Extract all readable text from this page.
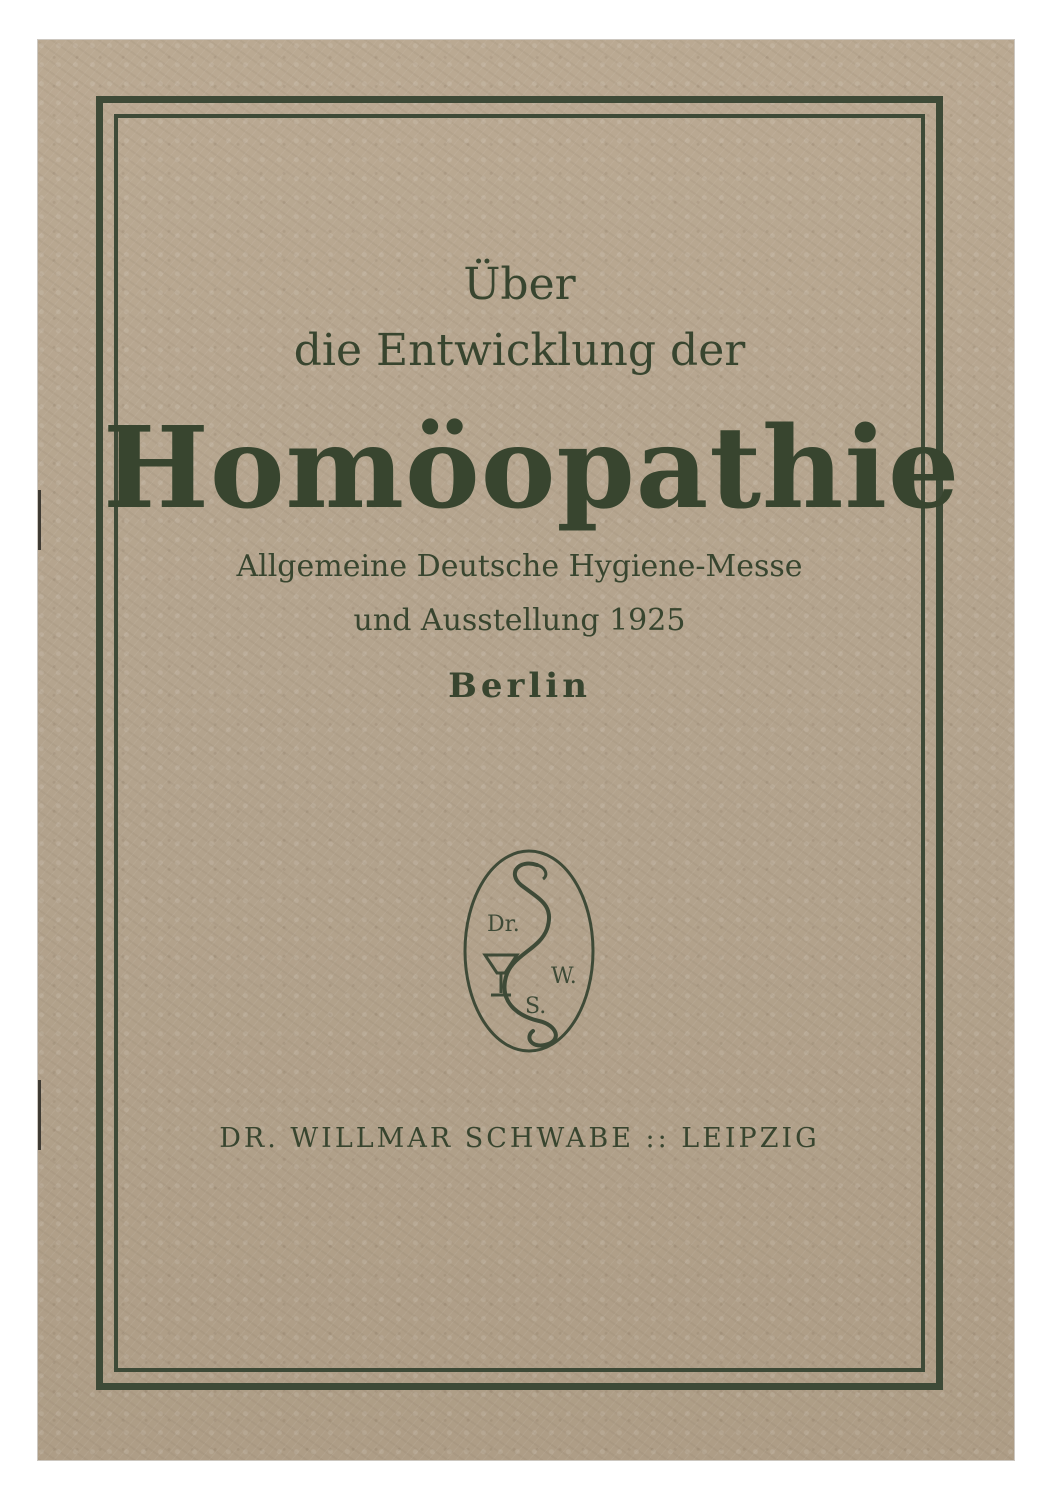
Über
die Entwicklung der
Homöopathie
Allgemeine Deutsche Hygiene-Messe
und Ausstellung 1925
Berlin
Dr.
W.
S.
DR. WILLMAR SCHWABE :: LEIPZIG
